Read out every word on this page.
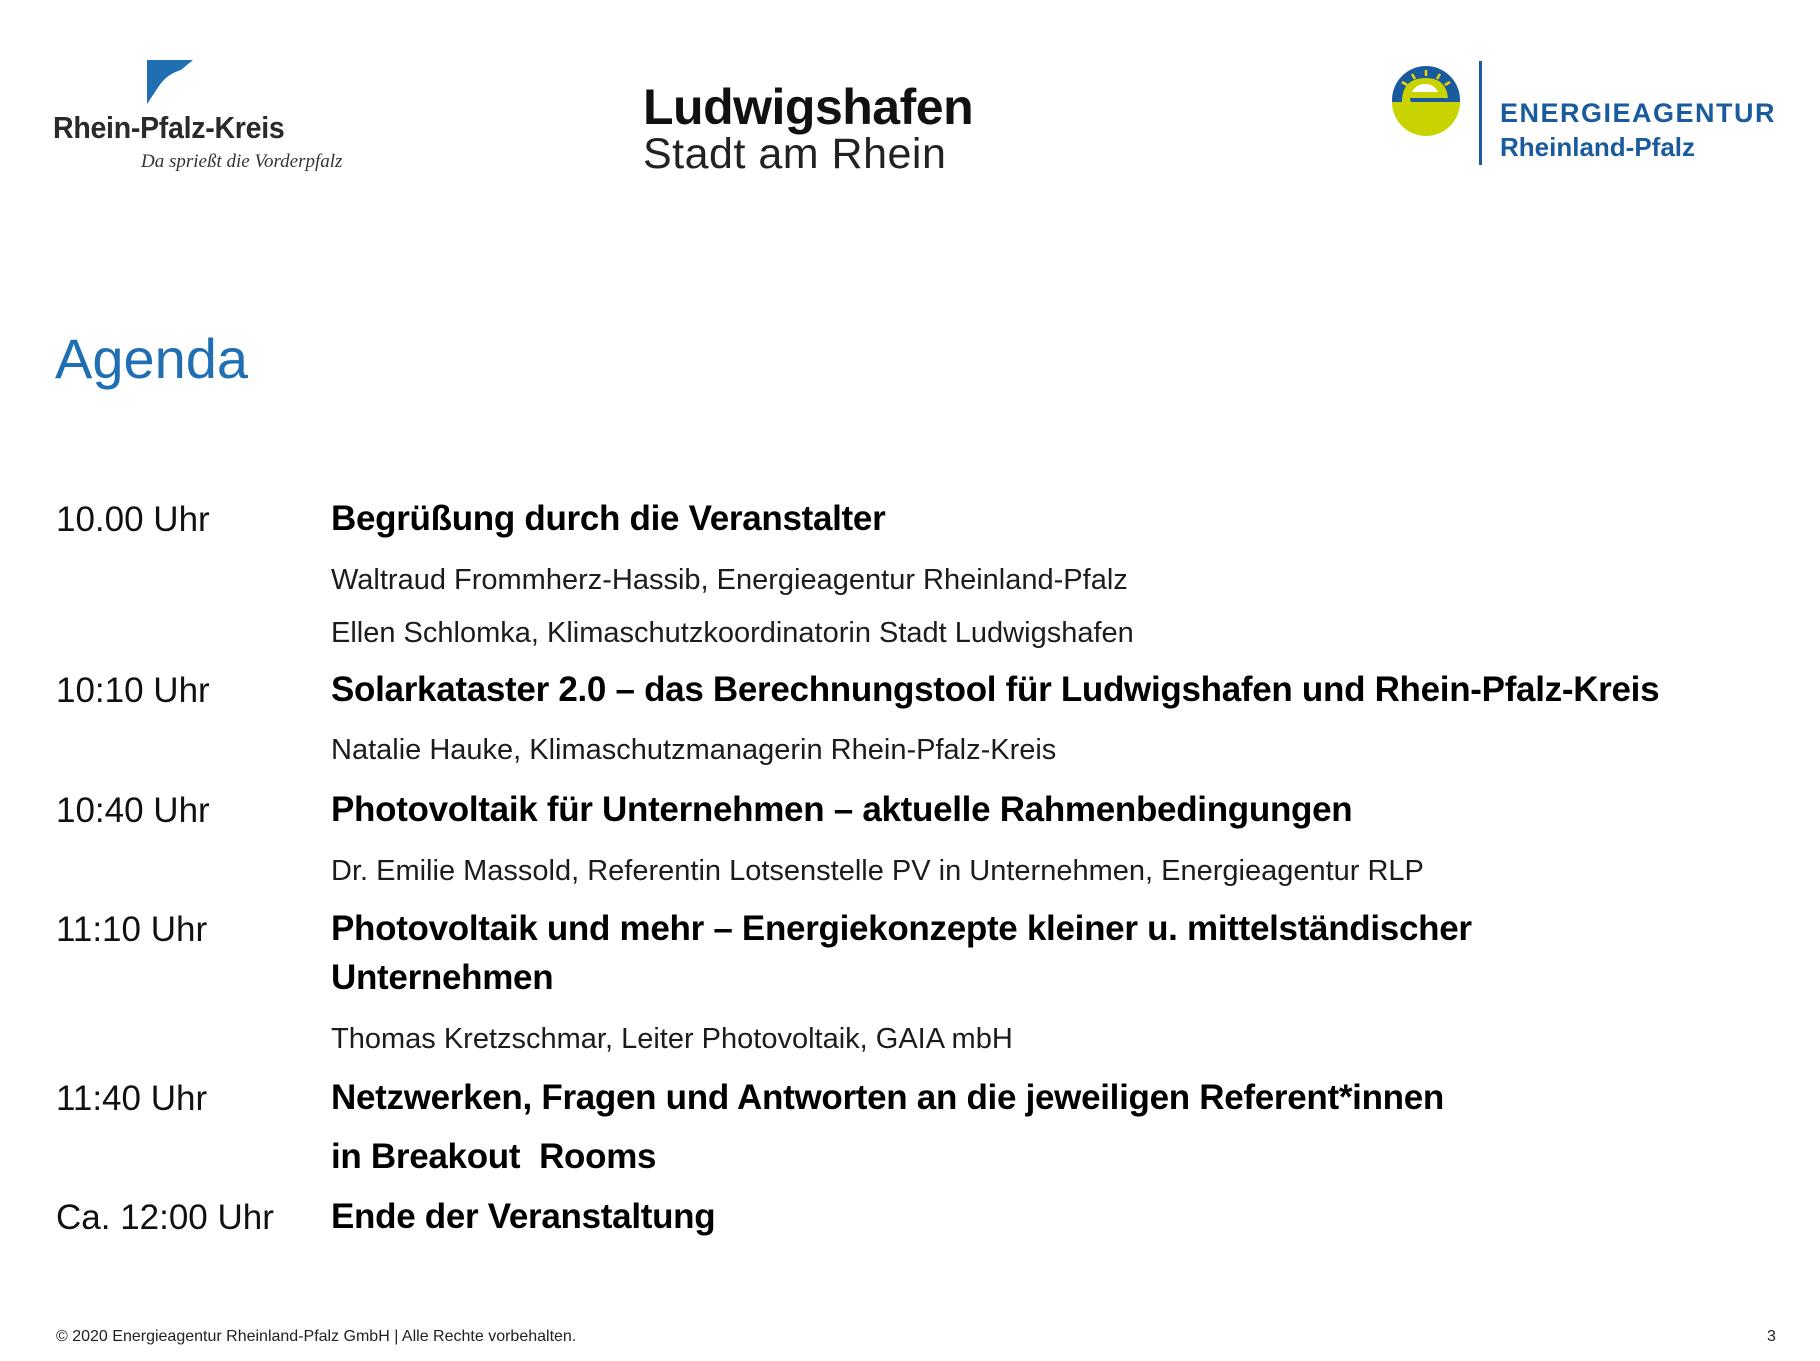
Rhein-Pfalz-Kreis
Da sprießt die Vorderpfalz
Ludwigshafen
Stadt am Rhein
ENERGIEAGENTUR
Rheinland-Pfalz
Agenda
10.00 Uhr	Begrüßung durch die Veranstalter
Waltraud Frommherz-Hassib, Energieagentur Rheinland-Pfalz
Ellen Schlomka, Klimaschutzkoordinatorin Stadt Ludwigshafen
10:10 Uhr	Solarkataster 2.0 – das Berechnungstool für Ludwigshafen und Rhein-Pfalz-Kreis
Natalie Hauke, Klimaschutzmanagerin Rhein-Pfalz-Kreis
10:40 Uhr	Photovoltaik für Unternehmen – aktuelle Rahmenbedingungen
Dr. Emilie Massold, Referentin Lotsenstelle PV in Unternehmen, Energieagentur RLP
11:10 Uhr	Photovoltaik und mehr – Energiekonzepte kleiner u. mittelständischer
Unternehmen
Thomas Kretzschmar, Leiter Photovoltaik, GAIA mbH
11:40 Uhr	Netzwerken, Fragen und Antworten an die jeweiligen Referent*innen
in Breakout  Rooms
Ca. 12:00 Uhr Ende der Veranstaltung
© 2020 Energieagentur Rheinland-Pfalz GmbH | Alle Rechte vorbehalten.	3
